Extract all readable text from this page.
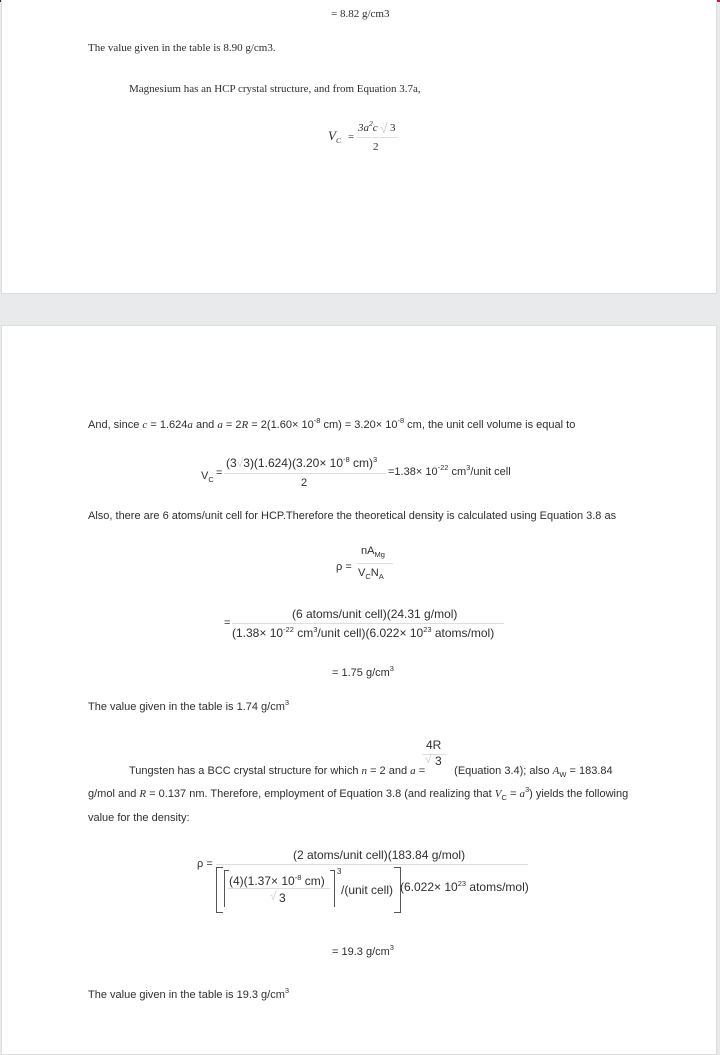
= 8.82 g/cm3
The value given in the table is 8.90 g/cm3.
Magnesium has an HCP crystal structure, and from Equation 3.7a,
$V_C$ =
$3a^2c$ √ 3
2
And, since c = 1.624a and $a = 2R = 2(1.60\times 10^{-8}$ $cm) = 3.20\times 10^{-8}$ cm, the unit cell volume is equal to
$V_C$
=
$(3√3)(1.624)(3.20\times 10^{-8}$ cm)$^3$
2
$=1.38\times 10^{-22}$ $cm^3$/unit cell
Also, there are 6 atoms/unit cell for HCP.Therefore the theoretical density is calculated using Equation 3.8 as
ρ =
$nA_{Mg}$
$V_CN_A$
=
(6 atoms/unit cell)(24.31 g/mol)
($1.38\times 10^{-22}$ $cm^3$/unit cell)(6.022× $10^{23}$ atoms/mol)
= 1.75 $g/cm^3$
The value given in the table is 1.74 $g/cm^3$
4R
√ 3
Tungsten has a BCC crystal structure for which n = 2 and a = (Equation 3.4); also $A_W = 183.84$
g/mol and R = 0.137 nm. Therefore, employment of Equation 3.8 (and realizing that $V_C = a^3$) yields the following
value for the density:
ρ =
(2 atoms/unit cell)(183.84 g/mol)
$(4)(1.37\times 10^{-8}$ cm)
√ 3
3
/(unit cell) ($6.022\times 10^{23}$ atoms/mol)
= 19.3 $g/cm^3$
The value given in the table is 19.3 $g/cm^3$
